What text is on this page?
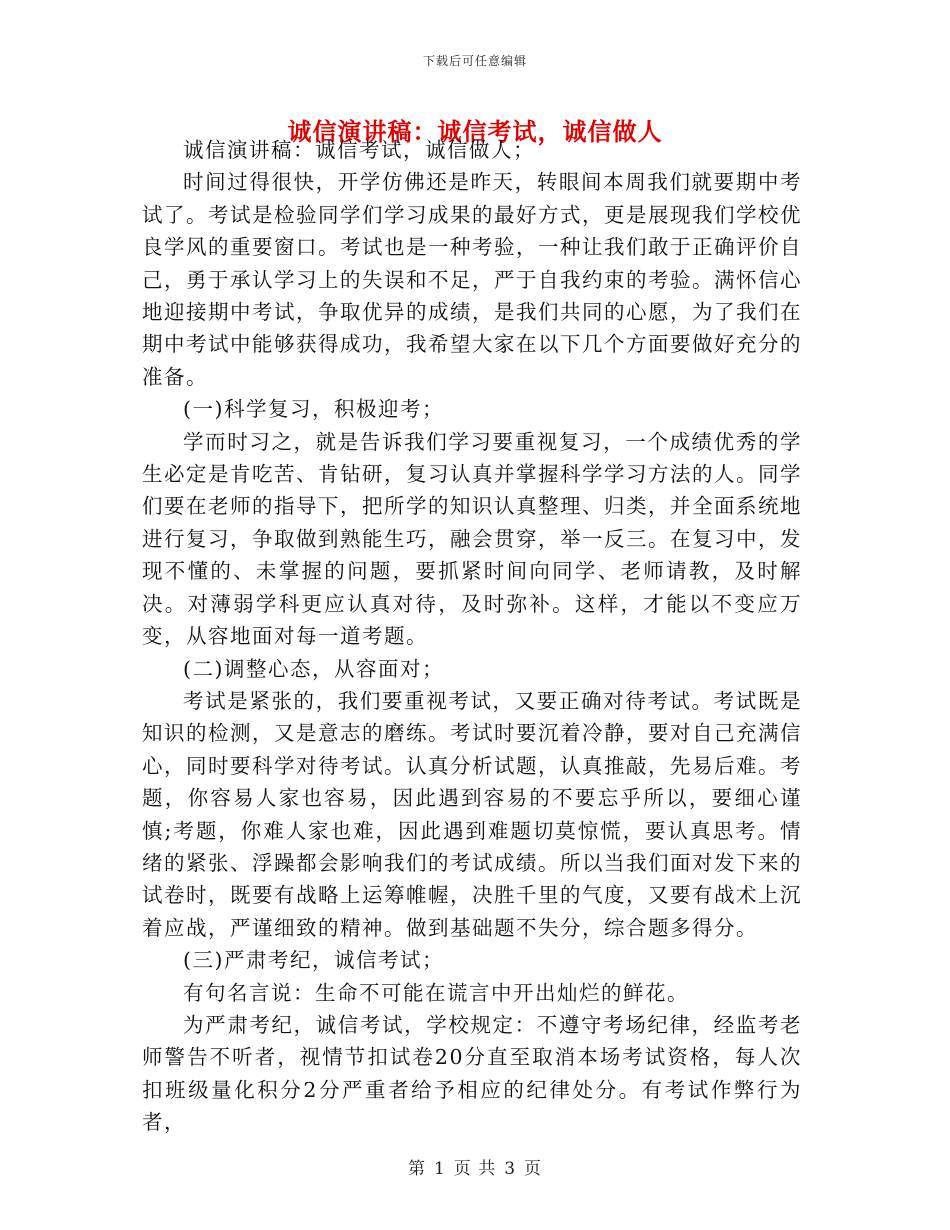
下载后可任意编辑
诚信演讲稿：诚信考试，诚信做人

诚信演讲稿：诚信考试，诚信做人；

时间过得很快，开学仿佛还是昨天，转眼间本周我们就要期中考试了。考试是检验同学们学习成果的最好方式，更是展现我们学校优良学风的重要窗口。考试也是一种考验，一种让我们敢于正确评价自己，勇于承认学习上的失误和不足，严于自我约束的考验。满怀信心地迎接期中考试，争取优异的成绩，是我们共同的心愿，为了我们在期中考试中能够获得成功，我希望大家在以下几个方面要做好充分的准备。

(一)科学复习，积极迎考；

学而时习之，就是告诉我们学习要重视复习，一个成绩优秀的学生必定是肯吃苦、肯钻研，复习认真并掌握科学学习方法的人。同学们要在老师的指导下，把所学的知识认真整理、归类，并全面系统地进行复习，争取做到熟能生巧，融会贯穿，举一反三。在复习中，发现不懂的、未掌握的问题，要抓紧时间向同学、老师请教，及时解决。对薄弱学科更应认真对待，及时弥补。这样，才能以不变应万变，从容地面对每一道考题。

(二)调整心态，从容面对；

考试是紧张的，我们要重视考试，又要正确对待考试。考试既是知识的检测，又是意志的磨练。考试时要沉着冷静，要对自己充满信心，同时要科学对待考试。认真分析试题，认真推敲，先易后难。考题，你容易人家也容易，因此遇到容易的不要忘乎所以，要细心谨慎;考题，你难人家也难，因此遇到难题切莫惊慌，要认真思考。情绪的紧张、浮躁都会影响我们的考试成绩。所以当我们面对发下来的试卷时，既要有战略上运筹帷幄，决胜千里的气度，又要有战术上沉着应战，严谨细致的精神。做到基础题不失分，综合题多得分。

(三)严肃考纪，诚信考试；

有句名言说：生命不可能在谎言中开出灿烂的鲜花。

为严肃考纪，诚信考试，学校规定：不遵守考场纪律，经监考老师警告不听者，视情节扣试卷20分直至取消本场考试资格，每人次扣班级量化积分2分严重者给予相应的纪律处分。有考试作弊行为者，

第 1 页 共 3 页
